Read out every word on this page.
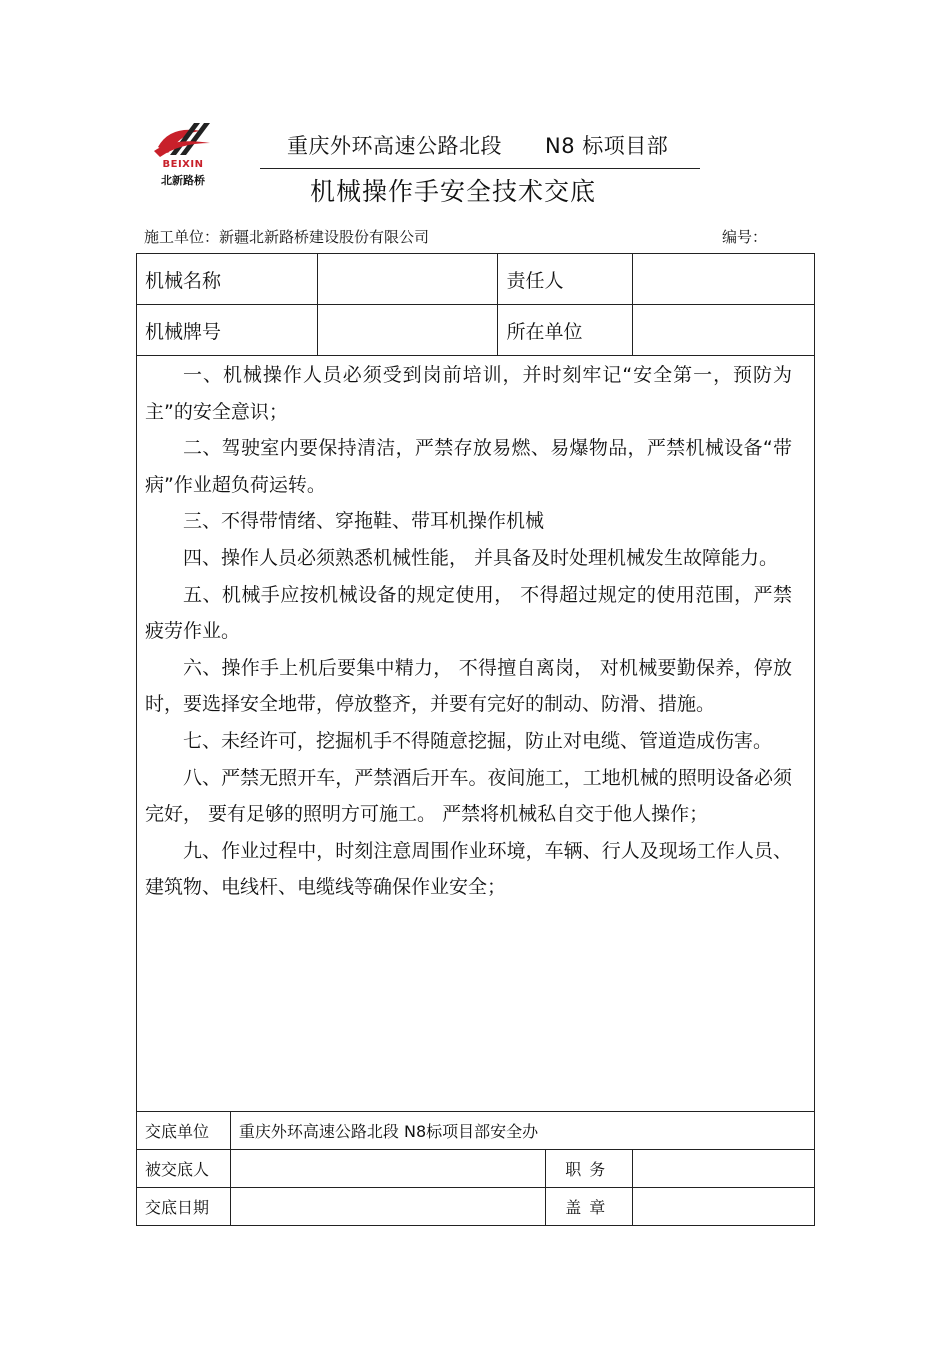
BEIXIN
北新路桥
重庆外环高速公路北段      N8 标项目部
机械操作手安全技术交底
施工单位：新疆北新路桥建设股份有限公司	编号：
机械名称		责任人	
机械牌号		所在单位	

一、机械操作人员必须受到岗前培训，并时刻牢记“安全第一，预防为主”的安全意识；

二、驾驶室内要保持清洁，严禁存放易燃、易爆物品，严禁机械设备“带病”作业超负荷运转。

三、不得带情绪、穿拖鞋、带耳机操作机械

四、操作人员必须熟悉机械性能， 并具备及时处理机械发生故障能力。

五、机械手应按机械设备的规定使用， 不得超过规定的使用范围，严禁疲劳作业。

六、操作手上机后要集中精力， 不得擅自离岗， 对机械要勤保养，停放时，要选择安全地带，停放整齐，并要有完好的制动、防滑、措施。

七、未经许可，挖掘机手不得随意挖掘，防止对电缆、管道造成伤害。

八、严禁无照开车，严禁酒后开车。夜间施工，工地机械的照明设备必须完好， 要有足够的照明方可施工。 严禁将机械私自交于他人操作；

九、作业过程中，时刻注意周围作业环境，车辆、行人及现场工作人员、建筑物、电线杆、电缆线等确保作业安全；

交底单位	重庆外环高速公路北段 N8标项目部安全办		
被交底人		职务	
交底日期		盖章	
